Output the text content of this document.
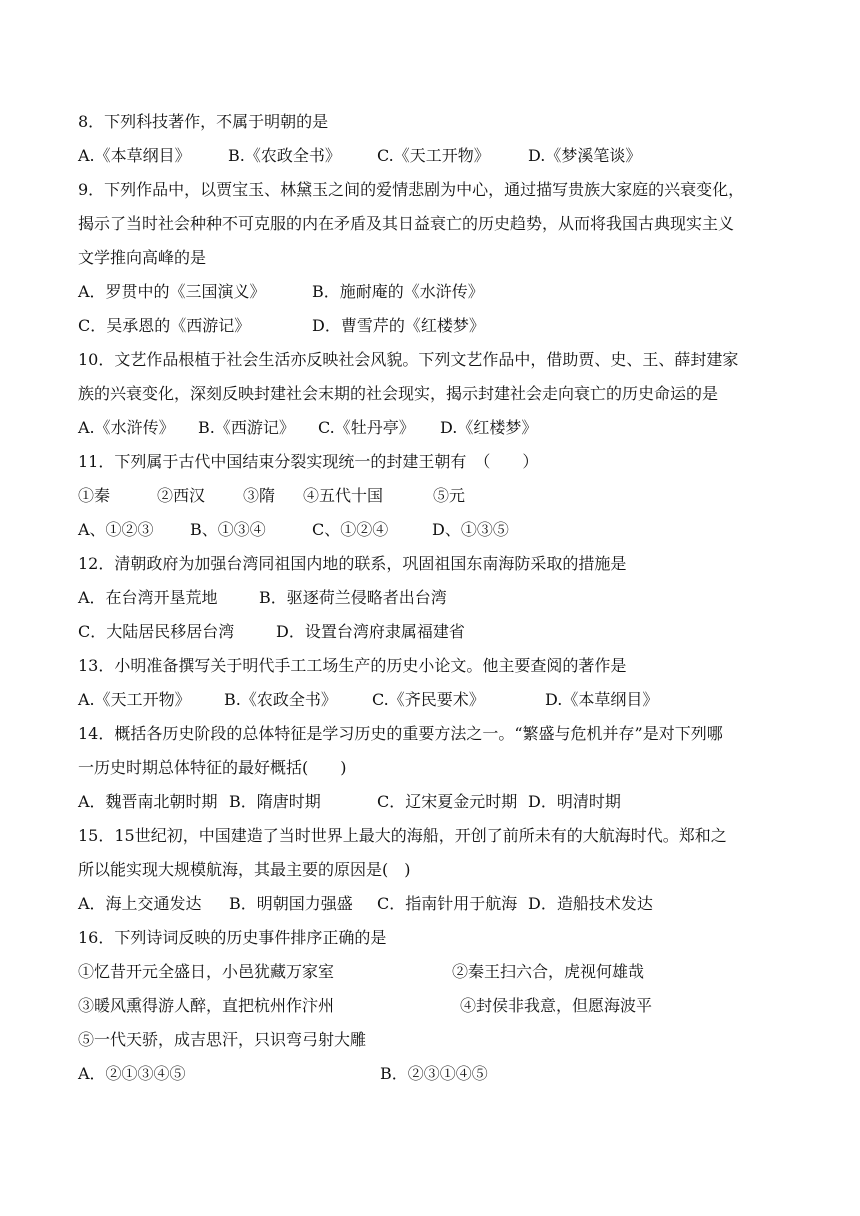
8．下列科技著作，不属于明朝的是
A.《本草纲目》 B.《农政全书》 C.《天工开物》 D.《梦溪笔谈》
9．下列作品中，以贾宝玉、林黛玉之间的爱情悲剧为中心，通过描写贵族大家庭的兴衰变化，
揭示了当时社会种种不可克服的内在矛盾及其日益衰亡的历史趋势，从而将我国古典现实主义
文学推向高峰的是
A．罗贯中的《三国演义》	B．施耐庵的《水浒传》
C．吴承恩的《西游记》	D．曹雪芹的《红楼梦》
10．文艺作品根植于社会生活亦反映社会风貌。下列文艺作品中，借助贾、史、王、薛封建家
族的兴衰变化，深刻反映封建社会末期的社会现实，揭示封建社会走向衰亡的历史命运的是
A.《水浒传》 B.《西游记》 C.《牡丹亭》 D.《红楼梦》
11．下列属于古代中国结束分裂实现统一的封建王朝有　（　　）
①秦	②西汉 ③隋 ④五代十国	⑤元
A、①②③ B、①③④	C、①②④	D、①③⑤
12．清朝政府为加强台湾同祖国内地的联系，巩固祖国东南海防采取的措施是
A．在台湾开垦荒地	B．驱逐荷兰侵略者出台湾
C．大陆居民移居台湾	D．设置台湾府隶属福建省
13．小明准备撰写关于明代手工工场生产的历史小论文。他主要查阅的著作是
A.《天工开物》 B.《农政全书》 C.《齐民要术》	D.《本草纲目》
14．概括各历史阶段的总体特征是学习历史的重要方法之一。“繁盛与危机并存”是对下列哪
一历史时期总体特征的最好概括(　　)
A．魏晋南北朝时期 B．隋唐时期	C．辽宋夏金元时期 D．明清时期
15．15世纪初，中国建造了当时世界上最大的海船，开创了前所未有的大航海时代。郑和之
所以能实现大规模航海，其最主要的原因是(　)
A．海上交通发达 B．明朝国力强盛 C．指南针用于航海 D．造船技术发达
16．下列诗词反映的历史事件排序正确的是
①忆昔开元全盛日，小邑犹藏万家室	②秦王扫六合，虎视何雄哉
③暖风熏得游人醉，直把杭州作汴州	④封侯非我意，但愿海波平
⑤一代天骄，成吉思汗，只识弯弓射大雕
A．②①③④⑤	B．②③①④⑤
